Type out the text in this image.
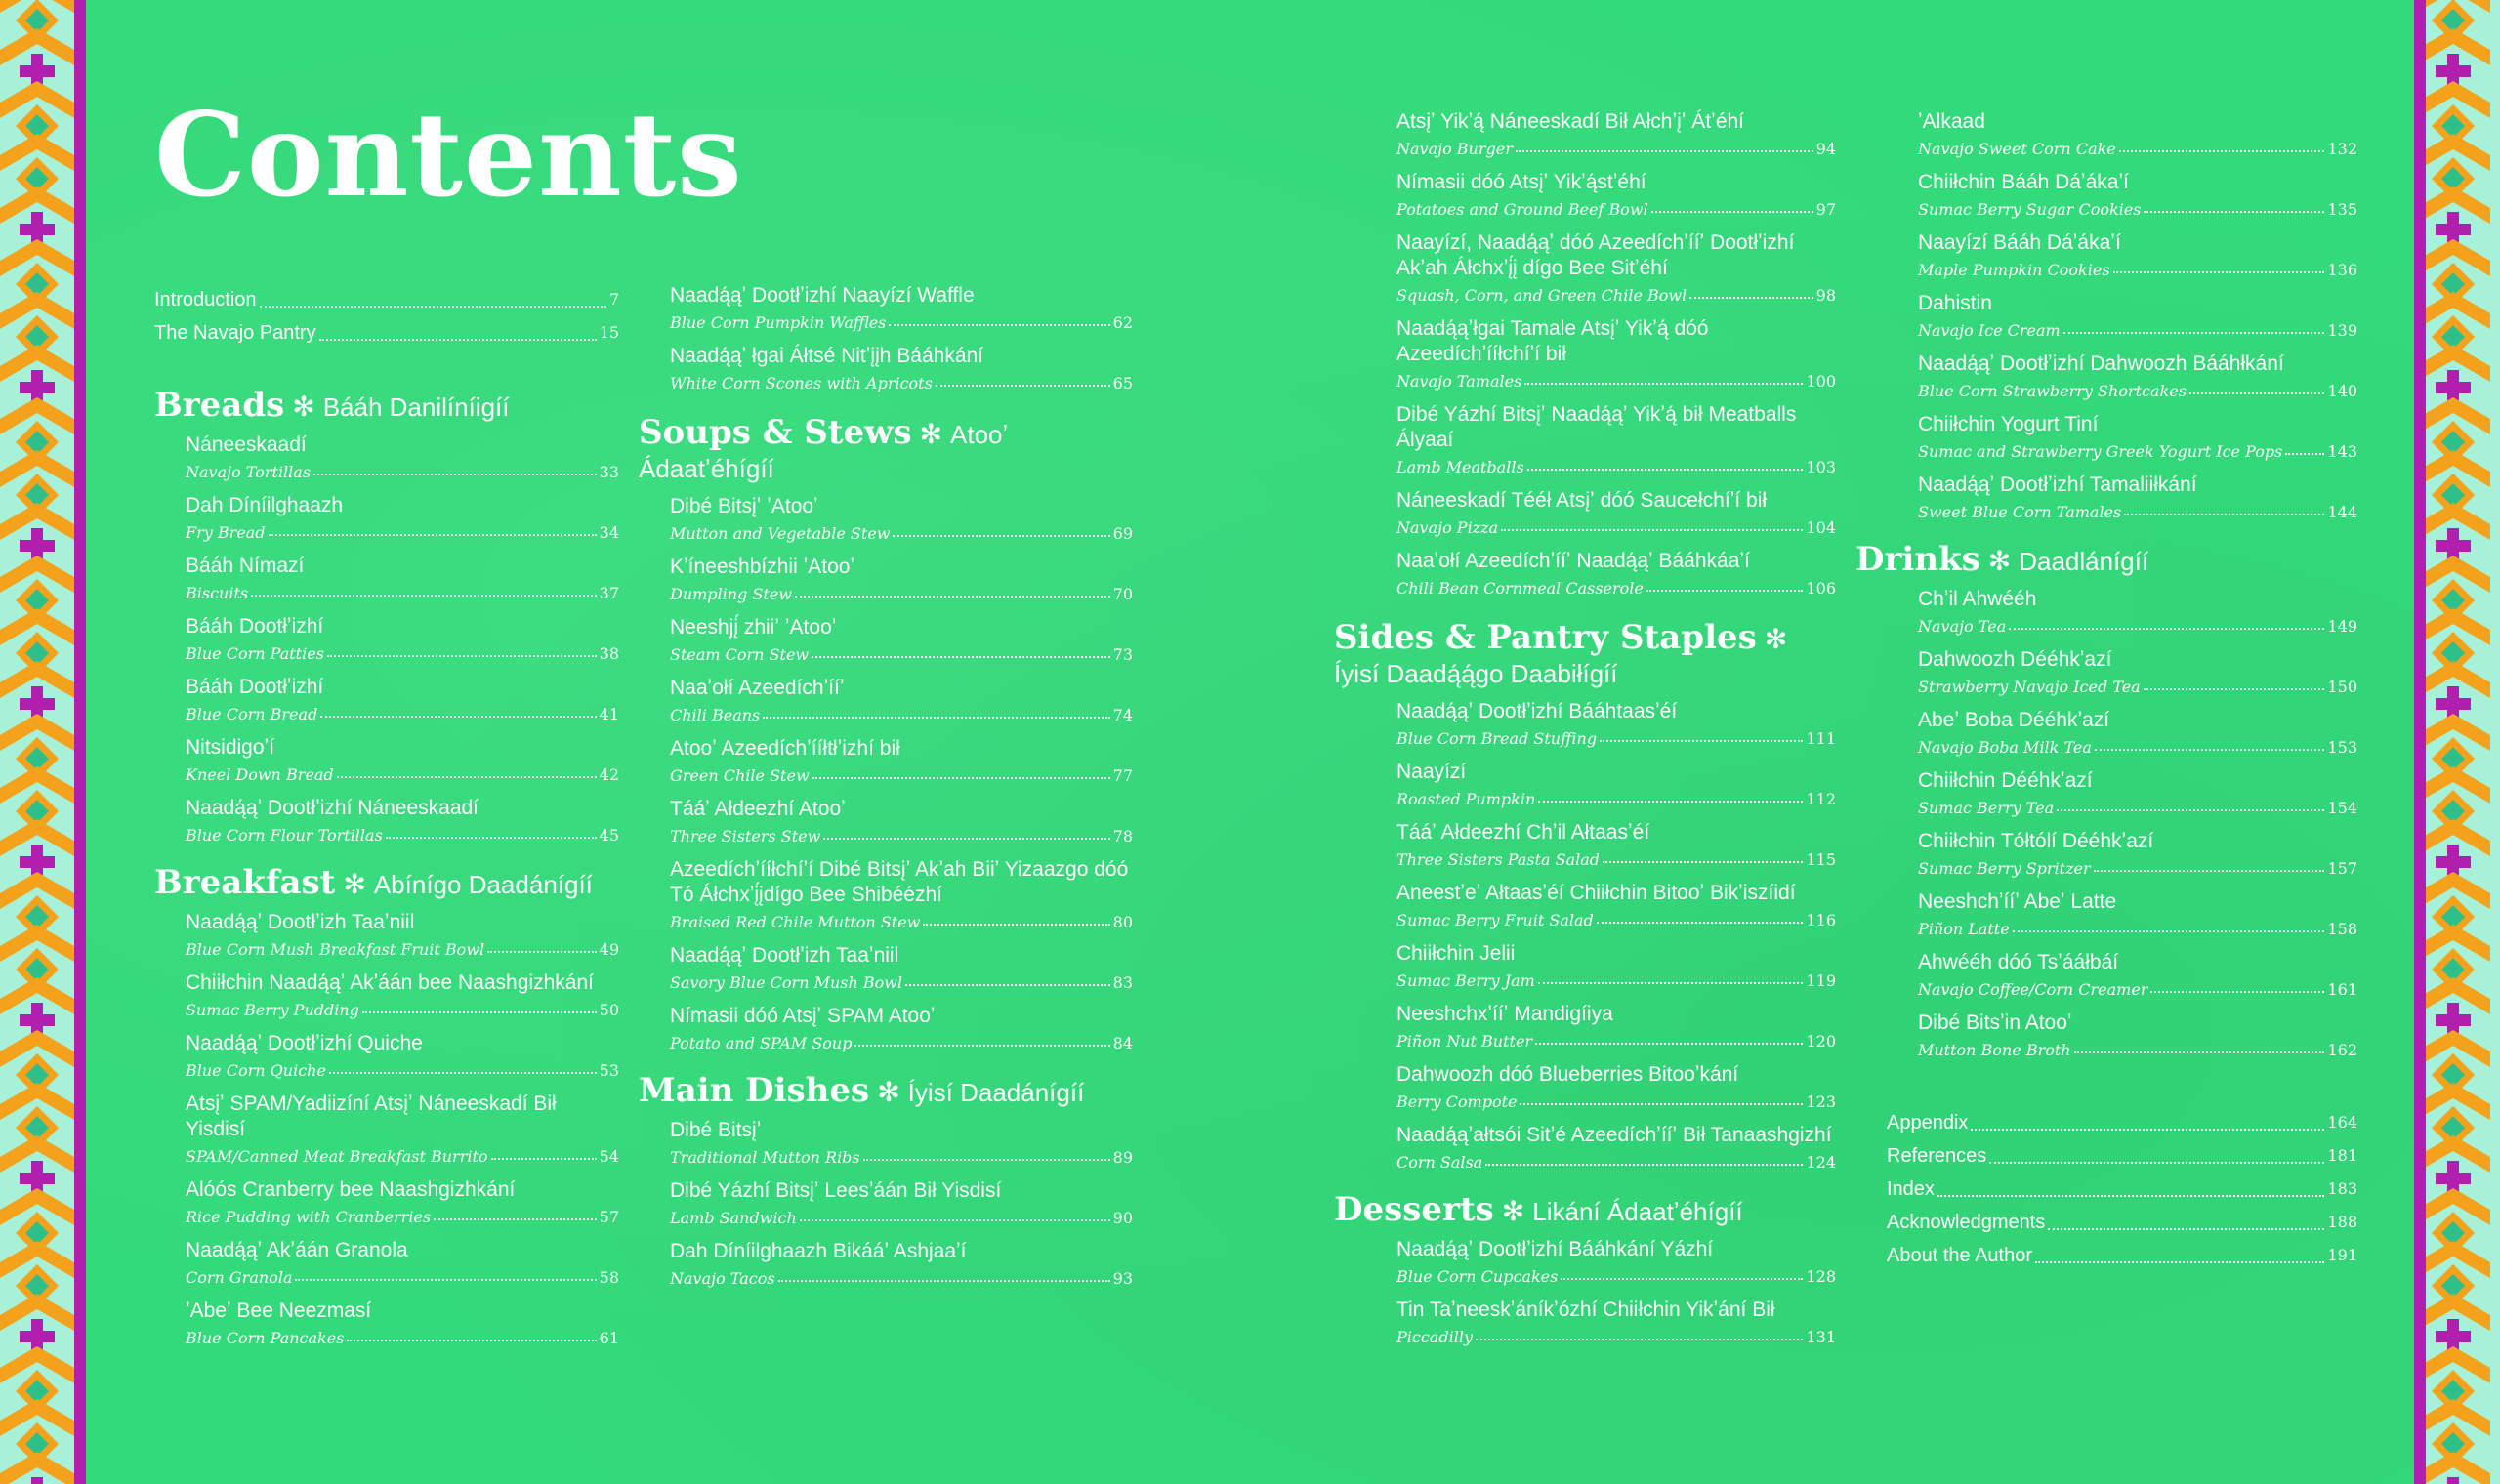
Contents
Introduction	7
The Navajo Pantry	15
Breads ✻ Bááh Danilíníigíí
Náneeskaadí
Navajo Tortillas	33
Dah Díníilghaazh
Fry Bread	34
Bááh Nímazí
Biscuits	37
Bááh Dootłʼizhí
Blue Corn Patties	38
Bááh Dootłʼizhí
Blue Corn Bread	41
Nitsidigoʼí
Kneel Down Bread	42
Naadą́ąʼ Dootłʼizhí Náneeskaadí
Blue Corn Flour Tortillas	45
Breakfast ✻ Abínígo Daadánígíí
Naadą́ąʼ Dootłʼizh Taaʼniil
Blue Corn Mush Breakfast Fruit Bowl	49
Chiiłchin Naadą́ąʼ Akʼáán bee Naashgizhkání
Sumac Berry Pudding	50
Naadą́ąʼ Dootłʼizhí Quiche
Blue Corn Quiche	53
Atsįʼ SPAM/Yadiizíní Atsįʼ Náneeskadí Bił Yisdisí
SPAM/Canned Meat Breakfast Burrito	54
Alóós Cranberry bee Naashgizhkání
Rice Pudding with Cranberries	57
Naadą́ąʼ Akʼáán Granola
Corn Granola	58
ʼAbeʼ Bee Neezmasí
Blue Corn Pancakes	61
Naadą́ąʼ Dootłʼizhí Naayízí Waffle
Blue Corn Pumpkin Waffles	62
Naadą́ąʼ łgai Áłtsé Nitʼįįh Bááhkání
White Corn Scones with Apricots	65
Soups & Stews ✻ Atooʼ Ádaatʼéhígíí
Dibé Bitsįʼ ʼAtooʼ
Mutton and Vegetable Stew	69
Kʼíneeshbízhii ʼAtooʼ
Dumpling Stew	70
Neeshjį́ zhiiʼ ʼAtooʼ
Steam Corn Stew	73
Naaʼołí Azeedíchʼííʼ
Chili Beans	74
Atooʼ Azeedíchʼííłtłʼizhí bił
Green Chile Stew	77
Tááʼ Ałdeezhí Atooʼ
Three Sisters Stew	78
Azeedíchʼííłchíʼí Dibé Bitsįʼ Akʼah Biiʼ Yizaazgo dóó Tó Áłchxʼį́įdígo Bee Shibéézhí
Braised Red Chile Mutton Stew	80
Naadą́ąʼ Dootłʼizh Taaʼniil
Savory Blue Corn Mush Bowl	83
Nímasii dóó Atsįʼ SPAM Atooʼ
Potato and SPAM Soup	84
Main Dishes ✻ Íyisí Daadánígíí
Dibé Bitsįʼ
Traditional Mutton Ribs	89
Dibé Yázhí Bitsįʼ Leesʼáán Bił Yisdisí
Lamb Sandwich	90
Dah Díníilghaazh Bikááʼ Ashjaaʼí
Navajo Tacos	93
Atsįʼ Yikʼą́ Náneeskadí Bił Ałchʼįʼ Átʼéhí
Navajo Burger	94
Nímasii dóó Atsįʼ Yikʼą́stʼéhí
Potatoes and Ground Beef Bowl	97
Naayízí, Naadą́ąʼ dóó Azeedíchʼííʼ Dootłʼizhí Akʼah Áłchxʼį́į dígo Bee Sitʼéhí
Squash, Corn, and Green Chile Bowl	98
Naadą́ąʼłgai Tamale Atsįʼ Yikʼą́ dóó Azeedíchʼííłchíʼí bił
Navajo Tamales	100
Dibé Yázhí Bitsįʼ Naadą́ąʼ Yikʼą́ bił Meatballs Ályaaí
Lamb Meatballs	103
Náneeskadí Tééł Atsįʼ dóó Saucełchíʼí bił
Navajo Pizza	104
Naaʼołí Azeedíchʼííʼ Naadą́ąʼ Bááhkáaʼí
Chili Bean Cornmeal Casserole	106
Sides & Pantry Staples ✻
Íyisí Daadą́ą́go Daabiłígíí
Naadą́ąʼ Dootłʼizhí Bááhtaasʼéí
Blue Corn Bread Stuffing	111
Naayízí
Roasted Pumpkin	112
Tááʼ Ałdeezhí Chʼil Ałtaasʼéí
Three Sisters Pasta Salad	115
Aneestʼeʼ Ałtaasʼéí Chiiłchin Bitooʼ Bikʼiszíidí
Sumac Berry Fruit Salad	116
Chiiłchin Jelii
Sumac Berry Jam	119
Neeshchxʼííʼ Mandigíiya
Piñon Nut Butter	120
Dahwoozh dóó Blueberries Bitooʼkání
Berry Compote	123
Naadą́ąʼałtsói Sitʼé Azeedíchʼííʼ Bił Tanaashgizhí
Corn Salsa	124
Desserts ✻ Likání Ádaatʼéhígíí
Naadą́ąʼ Dootłʼizhí Bááhkání Yázhí
Blue Corn Cupcakes	128
Tin Taʼneeskʼáníkʼózhí Chiiłchin Yikʼání Bił
Piccadilly	131
ʼAlkaad
Navajo Sweet Corn Cake	132
Chiiłchin Bááh Dáʼákaʼí
Sumac Berry Sugar Cookies	135
Naayízí Bááh Dáʼákaʼí
Maple Pumpkin Cookies	136
Dahistin
Navajo Ice Cream	139
Naadą́ąʼ Dootłʼizhí Dahwoozh Bááhłkání
Blue Corn Strawberry Shortcakes	140
Chiiłchin Yogurt Tiní
Sumac and Strawberry Greek Yogurt Ice Pops	143
Naadą́ąʼ Dootłʼizhí Tamaliiłkání
Sweet Blue Corn Tamales	144
Drinks ✻ Daadlánígíí
Chʼil Ahwééh
Navajo Tea	149
Dahwoozh Dééhkʼazí
Strawberry Navajo Iced Tea	150
Abeʼ Boba Dééhkʼazí
Navajo Boba Milk Tea	153
Chiiłchin Dééhkʼazí
Sumac Berry Tea	154
Chiiłchin Tółtólí Dééhkʼazí
Sumac Berry Spritzer	157
Neeshchʼííʼ Abeʼ Latte
Piñon Latte	158
Ahwééh dóó Tsʼááłbáí
Navajo Coffee/Corn Creamer	161
Dibé Bitsʼin Atooʼ
Mutton Bone Broth	162
Appendix	164
References	181
Index	183
Acknowledgments	188
About the Author	191
